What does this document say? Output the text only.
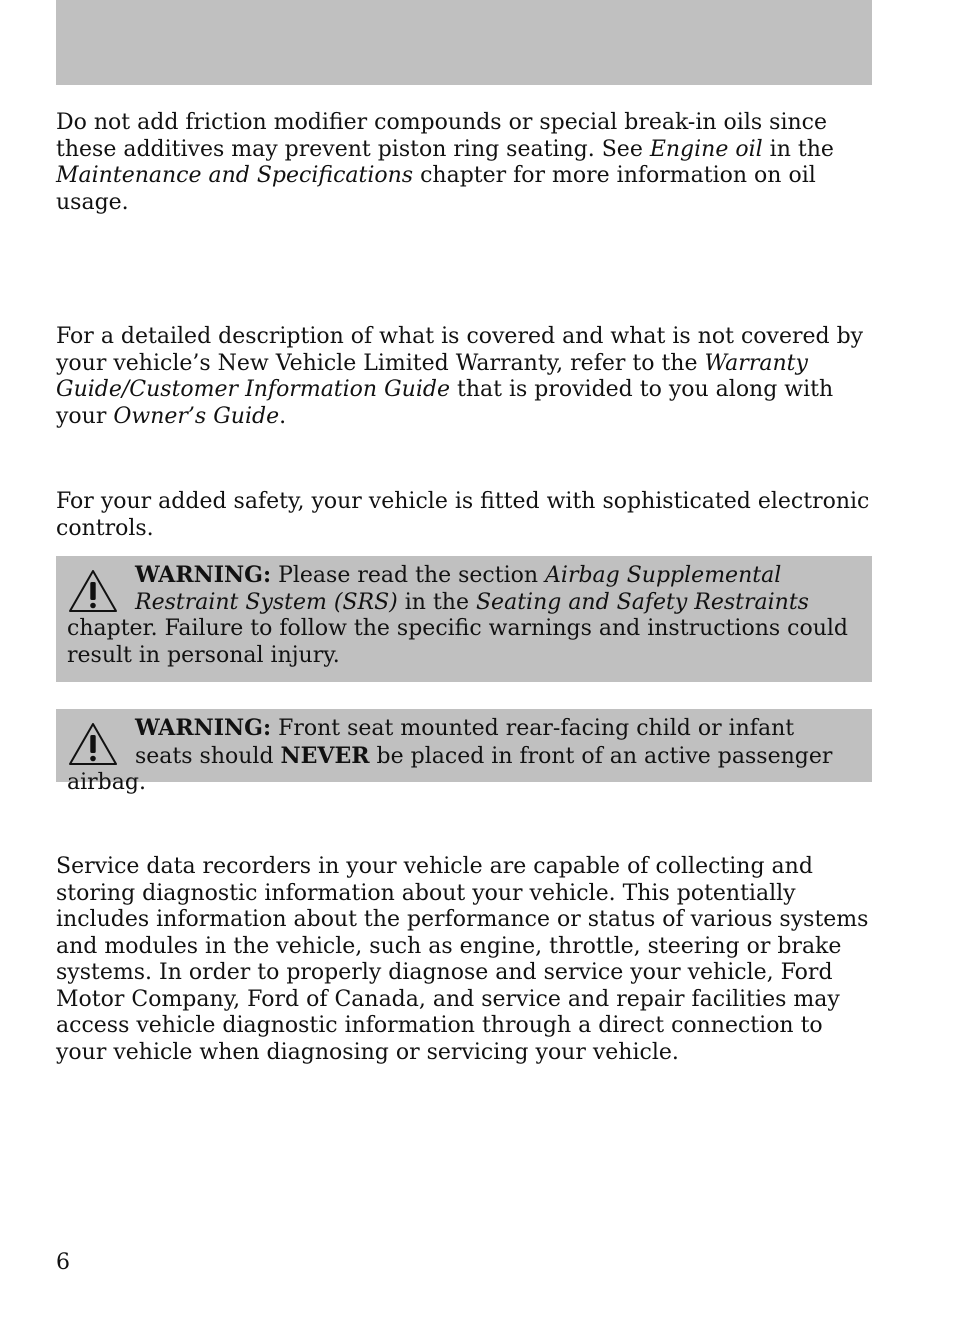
Do not add friction modifier compounds or special break-in oils since these additives may prevent piston ring seating. See Engine oil in the Maintenance and Specifications chapter for more information on oil usage.

For a detailed description of what is covered and what is not covered by your vehicle’s New Vehicle Limited Warranty, refer to the Warranty Guide/Customer Information Guide that is provided to you along with your Owner’s Guide.

For your added safety, your vehicle is fitted with sophisticated electronic controls.

WARNING: Please read the section Airbag Supplemental Restraint System (SRS) in the Seating and Safety Restraints chapter. Failure to follow the specific warnings and instructions could result in personal injury.
WARNING: Front seat mounted rear-facing child or infant seats should NEVER be placed in front of an active passenger airbag.

Service data recorders in your vehicle are capable of collecting and storing diagnostic information about your vehicle. This potentially includes information about the performance or status of various systems and modules in the vehicle, such as engine, throttle, steering or brake systems. In order to properly diagnose and service your vehicle, Ford Motor Company, Ford of Canada, and service and repair facilities may access vehicle diagnostic information through a direct connection to your vehicle when diagnosing or servicing your vehicle.

6
